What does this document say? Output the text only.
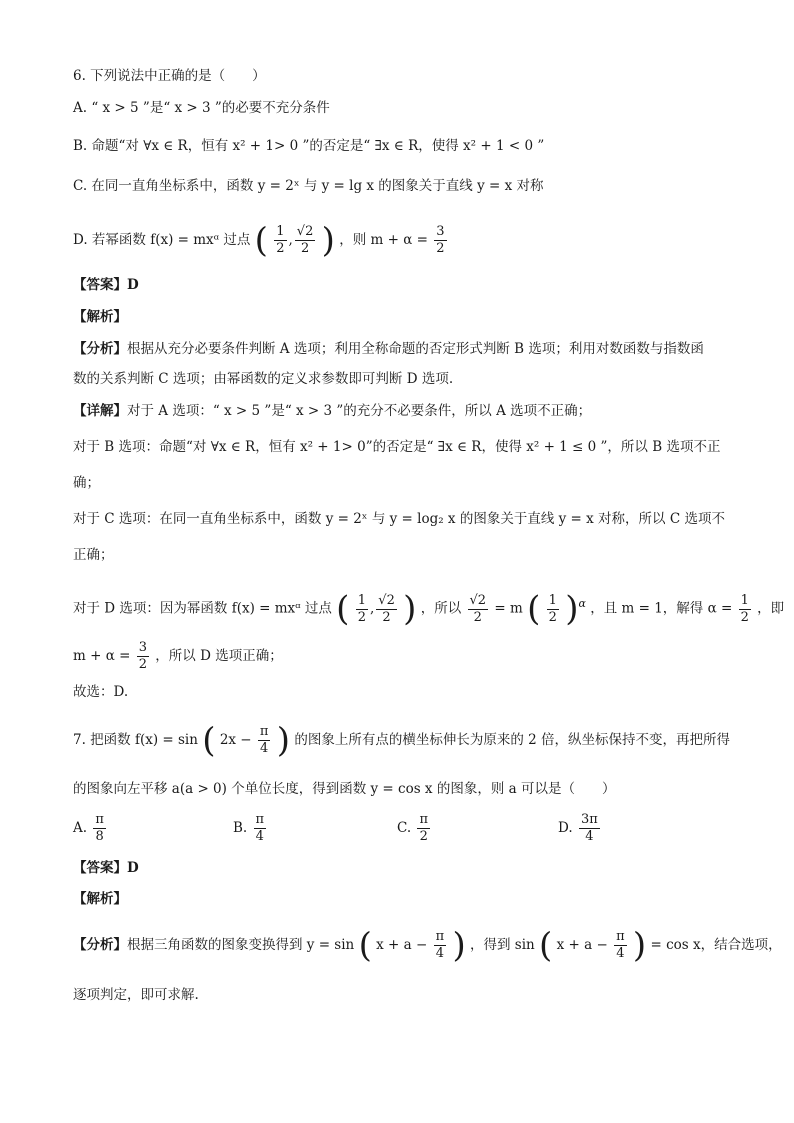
6. 下列说法中正确的是（　　）
A. “ x > 5 ”是“ x > 3 ”的必要不充分条件
B. 命题“对 ∀x ∈ R，恒有 x² + 1> 0 ”的否定是“ ∃x ∈ R，使得 x² + 1 < 0 ”
C. 在同一直角坐标系中，函数 y = 2ˣ 与 y = lg x 的图象关于直线 y = x 对称
D. 若幂函数 f(x) = mxᵅ 过点 ( $\frac{1}{2}$ , $\frac{√2}{2}$ ) ，则 $m + \alpha = \frac{3}{2}$
【答案】D
【解析】
【分析】根据从充分必要条件判断 A 选项；利用全称命题的否定形式判断 B 选项；利用对数函数与指数函
数的关系判断 C 选项；由幂函数的定义求参数即可判断 D 选项.
【详解】对于 A 选项：“ x > 5 ”是“ x > 3 ”的充分不必要条件，所以 A 选项不正确；
对于 B 选项：命题“对 ∀x ∈ R，恒有 x² + 1> 0”的否定是“ ∃x ∈ R，使得 x² + 1 ≤ 0 ”，所以 B 选项不正
确；
对于 C 选项：在同一直角坐标系中，函数 y = 2ˣ 与 y = log₂ x 的图象关于直线 y = x 对称，所以 C 选项不
正确；
对于 D 选项：因为幂函数 f(x) = mxᵅ 过点 ( $\frac{1}{2}$ , $\frac{√2}{2}$ ) ，所以 $\frac{√2}{2} = m$ ( $\frac{1}{2} )^\alpha$ ，且 m = 1，解得 $\alpha = \frac{1}{2}$ ，即
$m + \alpha = \frac{3}{2}$ ，所以 D 选项正确；
故选：D.
7. 把函数 f(x) = sin ( $2x - \frac{\pi}{4}$ ) 的图象上所有点的横坐标伸长为原来的 2 倍，纵坐标保持不变，再把所得
的图象向左平移 a(a > 0) 个单位长度，得到函数 y = cos x 的图象，则 a 可以是（　　）
A. $\frac{\pi}{8}$	B. $\frac{\pi}{4}$	C. $\frac{\pi}{2}$	D. $\frac{3\pi}{4}$
【答案】D
【解析】
【分析】根据三角函数的图象变换得到 y = sin ( $x + a - \frac{\pi}{4}$ ) ，得到 sin ( $x + a - \frac{\pi}{4}$ ) = cos x，结合选项，
逐项判定，即可求解.
